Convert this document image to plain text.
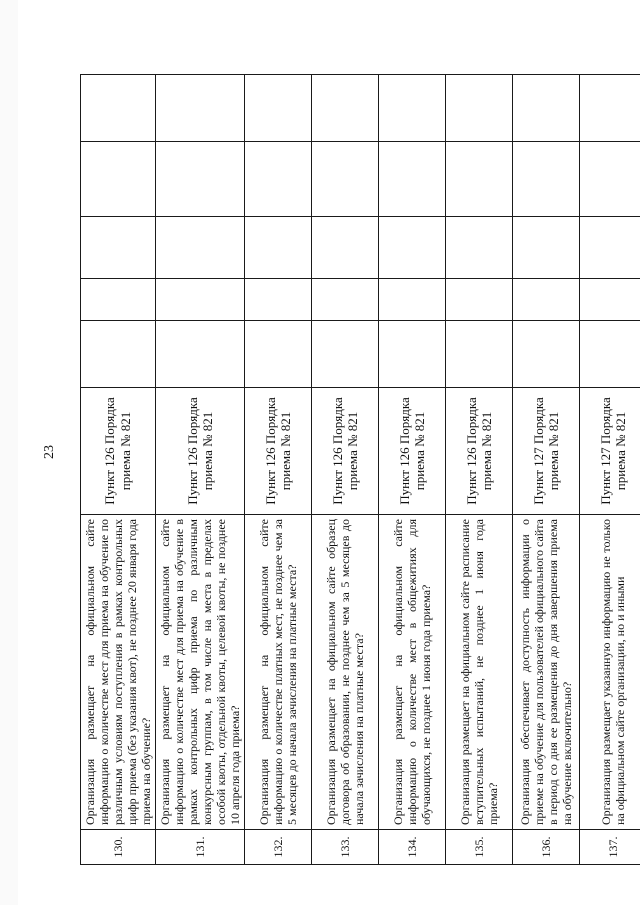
23
130.	Организация размещает на официальном сайте информацию о количестве мест для приема на обучение по различным условиям поступления в рамках контрольных цифр приема (без указания квот), не позднее 20 января года приема на обучение?	Пункт 126 Порядка приема № 821					
131.	Организация размещает на официальном сайте информацию о количестве мест для приема на обучение в рамках контрольных цифр приема по различным конкурсным группам, в том числе на места в пределах особой квоты, отдельной квоты, целевой квоты, не позднее 10 апреля года приема?	Пункт 126 Порядка приема № 821					
132.	Организация размещает на официальном сайте информацию о количестве платных мест, не позднее чем за 5 месяцев до начала зачисления на платные места?	Пункт 126 Порядка приема № 821					
133.	Организация размещает на официальном сайте образец договора об образовании, не позднее чем за 5 месяцев до начала зачисления на платные места?	Пункт 126 Порядка приема № 821					
134.	Организация размещает на официальном сайте информацию о количестве мест в общежитиях для обучающихся, не позднее 1 июня года приема?	Пункт 126 Порядка приема № 821					
135.	Организация размещает на официальном сайте расписание вступительных испытаний, не позднее 1 июня года приема?	Пункт 126 Порядка приема № 821					
136.	Организация обеспечивает доступность информации о приеме на обучение для пользователей официального сайта в период со дня ее размещения до дня завершения приема на обучение включительно?	Пункт 127 Порядка приема № 821					
137.	Организация размещает указанную информацию не только на официальном сайте организации, но и иными	Пункт 127 Порядка приема № 821					
